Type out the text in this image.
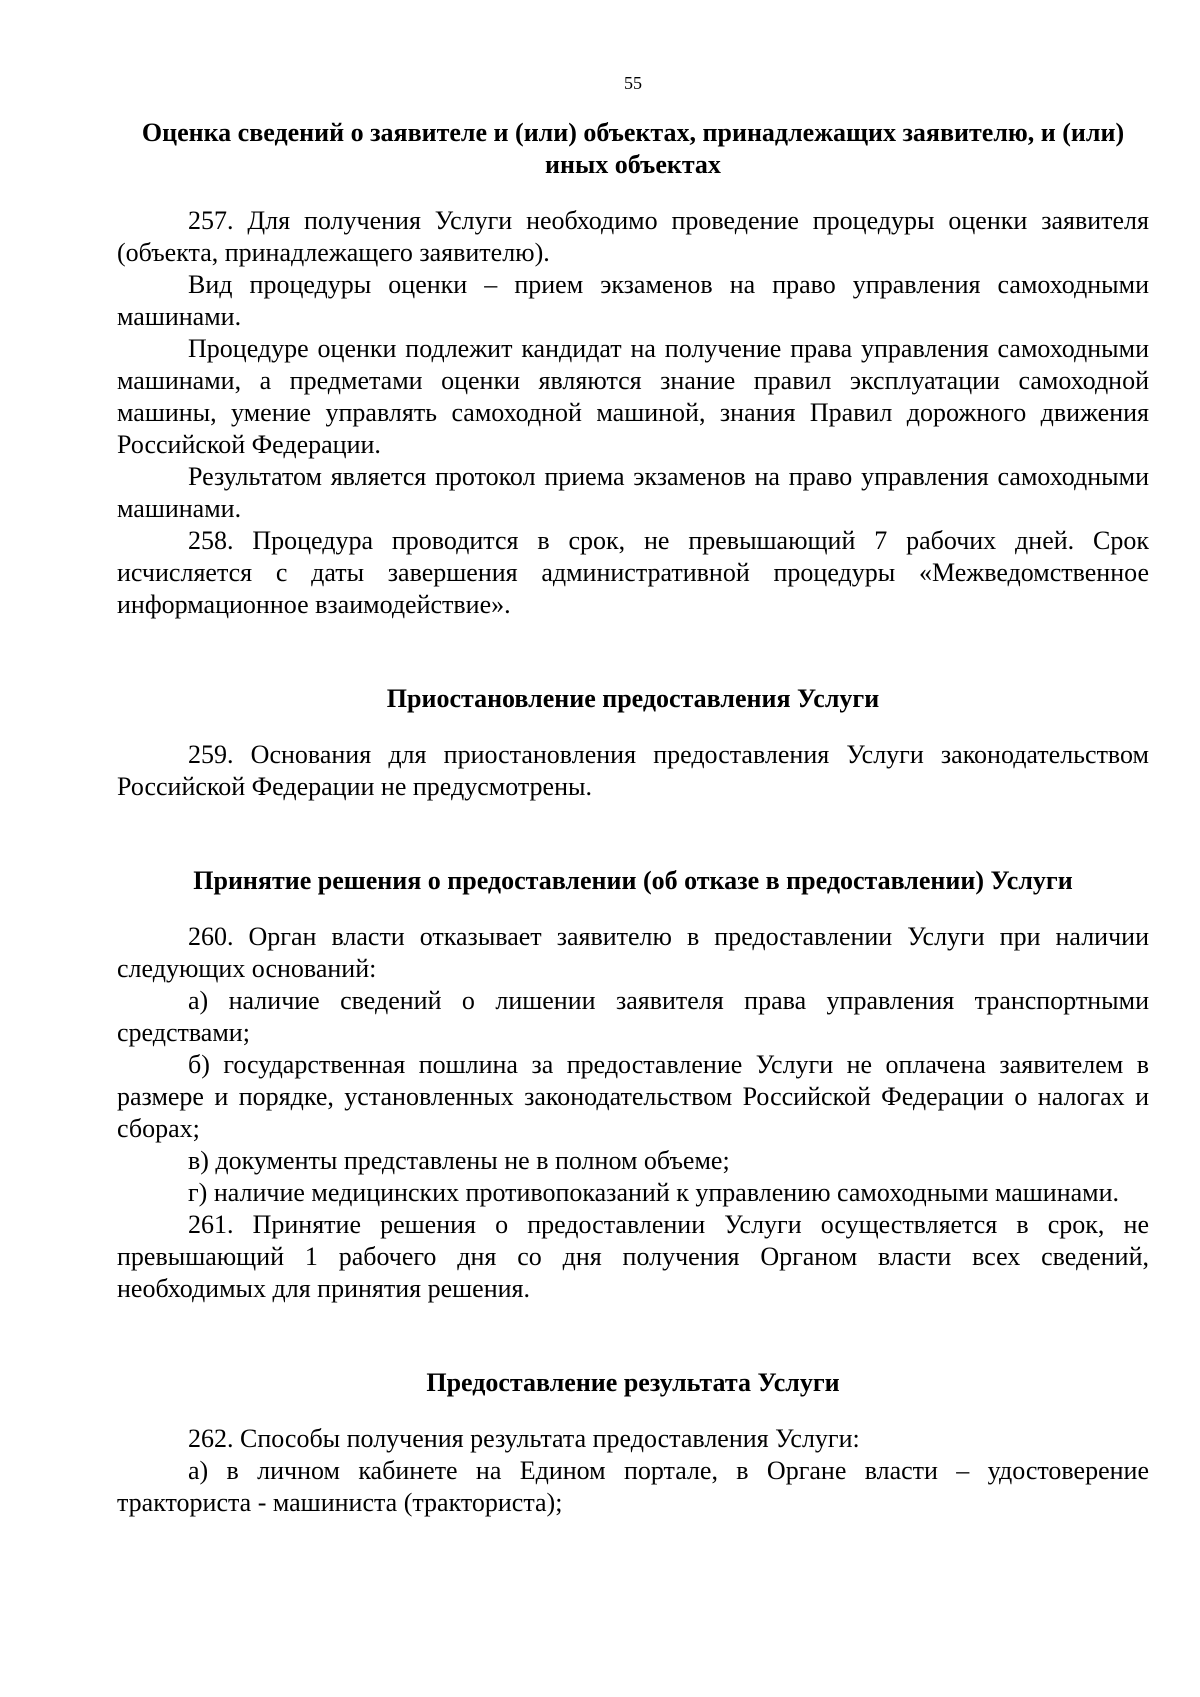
55
Оценка сведений о заявителе и (или) объектах, принадлежащих заявителю, и (или) иных объектах

257. Для получения Услуги необходимо проведение процедуры оценки заявителя (объекта, принадлежащего заявителю).

Вид процедуры оценки – прием экзаменов на право управления самоходными машинами.

Процедуре оценки подлежит кандидат на получение права управления самоходными машинами, а предметами оценки являются знание правил эксплуатации самоходной машины, умение управлять самоходной машиной, знания Правил дорожного движения Российской Федерации.

Результатом является протокол приема экзаменов на право управления самоходными машинами.

258. Процедура проводится в срок, не превышающий 7 рабочих дней. Срок исчисляется с даты завершения административной процедуры «Межведомственное информационное взаимодействие».

Приостановление предоставления Услуги

259. Основания для приостановления предоставления Услуги законодательством Российской Федерации не предусмотрены.

Принятие решения о предоставлении (об отказе в предоставлении) Услуги

260. Орган власти отказывает заявителю в предоставлении Услуги при наличии следующих оснований:

а) наличие сведений о лишении заявителя права управления транспортными средствами;

б) государственная пошлина за предоставление Услуги не оплачена заявителем в размере и порядке, установленных законодательством Российской Федерации о налогах и сборах;

в) документы представлены не в полном объеме;

г) наличие медицинских противопоказаний к управлению самоходными машинами.

261. Принятие решения о предоставлении Услуги осуществляется в срок, не превышающий 1 рабочего дня со дня получения Органом власти всех сведений, необходимых для принятия решения.

Предоставление результата Услуги

262. Способы получения результата предоставления Услуги:

а) в личном кабинете на Едином портале, в Органе власти – удостоверение тракториста - машиниста (тракториста);
